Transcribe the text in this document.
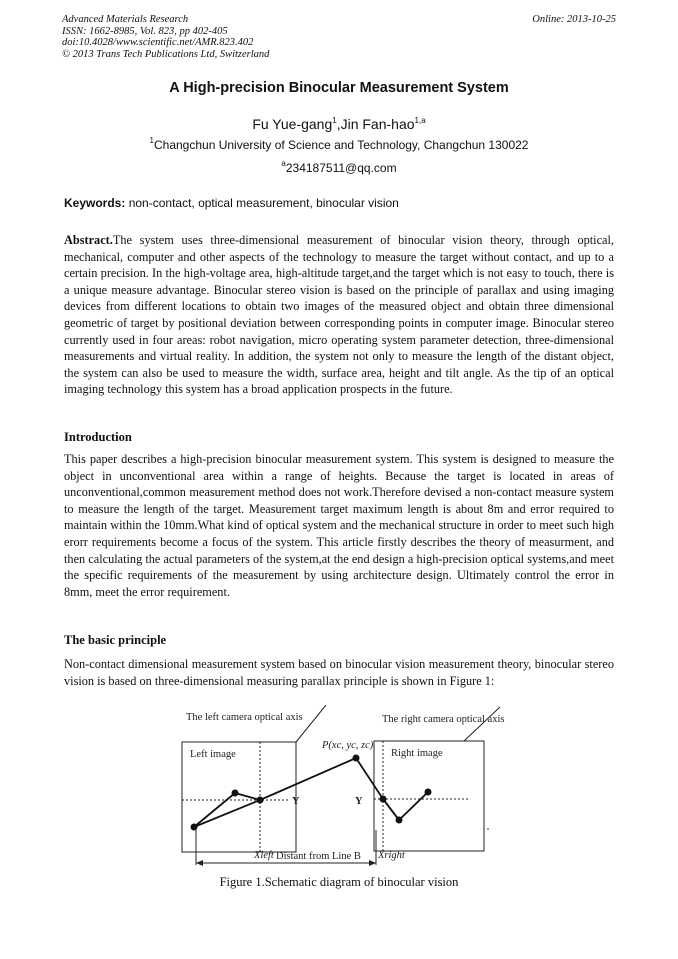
Advanced Materials Research
ISSN: 1662-8985, Vol. 823, pp 402-405
doi:10.4028/www.scientific.net/AMR.823.402
© 2013 Trans Tech Publications Ltd, Switzerland
Online: 2013-10-25
A High-precision Binocular Measurement System
Fu Yue-gang$^1$,Jin Fan-hao$^{1,a}$
$^1$Changchun University of Science and Technology, Changchun 130022
$^a$234187511@qq.com
Keywords: non-contact, optical measurement, binocular vision

Abstract.The system uses three-dimensional measurement of binocular vision theory, through optical, mechanical, computer and other aspects of the technology to measure the target without contact, and up to a certain precision. In the high-voltage area, high-altitude target,and the target which is not easy to touch, there is a unique measure advantage. Binocular stereo vision is based on the principle of parallax and using imaging devices from different locations to obtain two images of the measured object and obtain three dimensional geometric of target by positional deviation between corresponding points in computer image. Binocular stereo currently used in four areas: robot navigation, micro operating system parameter detection, three-dimensional measurements and virtual reality. In addition, the system not only to measure the length of the distant object, the system can also be used to measure the width, surface area, height and tilt angle. As the tip of an optical imaging technology this system has a broad application prospects in the future.

Introduction

This paper describes a high-precision binocular measurement system. This system is designed to measure the object in unconventional area within a range of heights. Because the target is located in areas of unconventional,common measurement method does not work.Therefore devised a non-contact measure system to measure the length of the target. Measurement target maximum length is about 8m and error required to maintain within the 10mm.What kind of optical system and the mechanical structure in order to meet such high erorr requirements become a focus of the system. This article firstly describes the theory of measurment, and then calculating the actual parameters of the system,at the end design a high-precision optical systems,and meet the specific requirements of the measurement by using architecture design. Ultimately control the error in 8mm, meet the error requirement.

The basic principle

Non-contact dimensional measurement system based on binocular vision measurement theory, binocular stereo vision is based on three-dimensional measuring parallax principle is shown in Figure 1:

The left camera optical axis	The right camera optical axis
Left image	Right image
P(xc, yc, zc)
Y	Y
Xleft Distant from Line B Xright
Figure 1.Schematic diagram of binocular vision
